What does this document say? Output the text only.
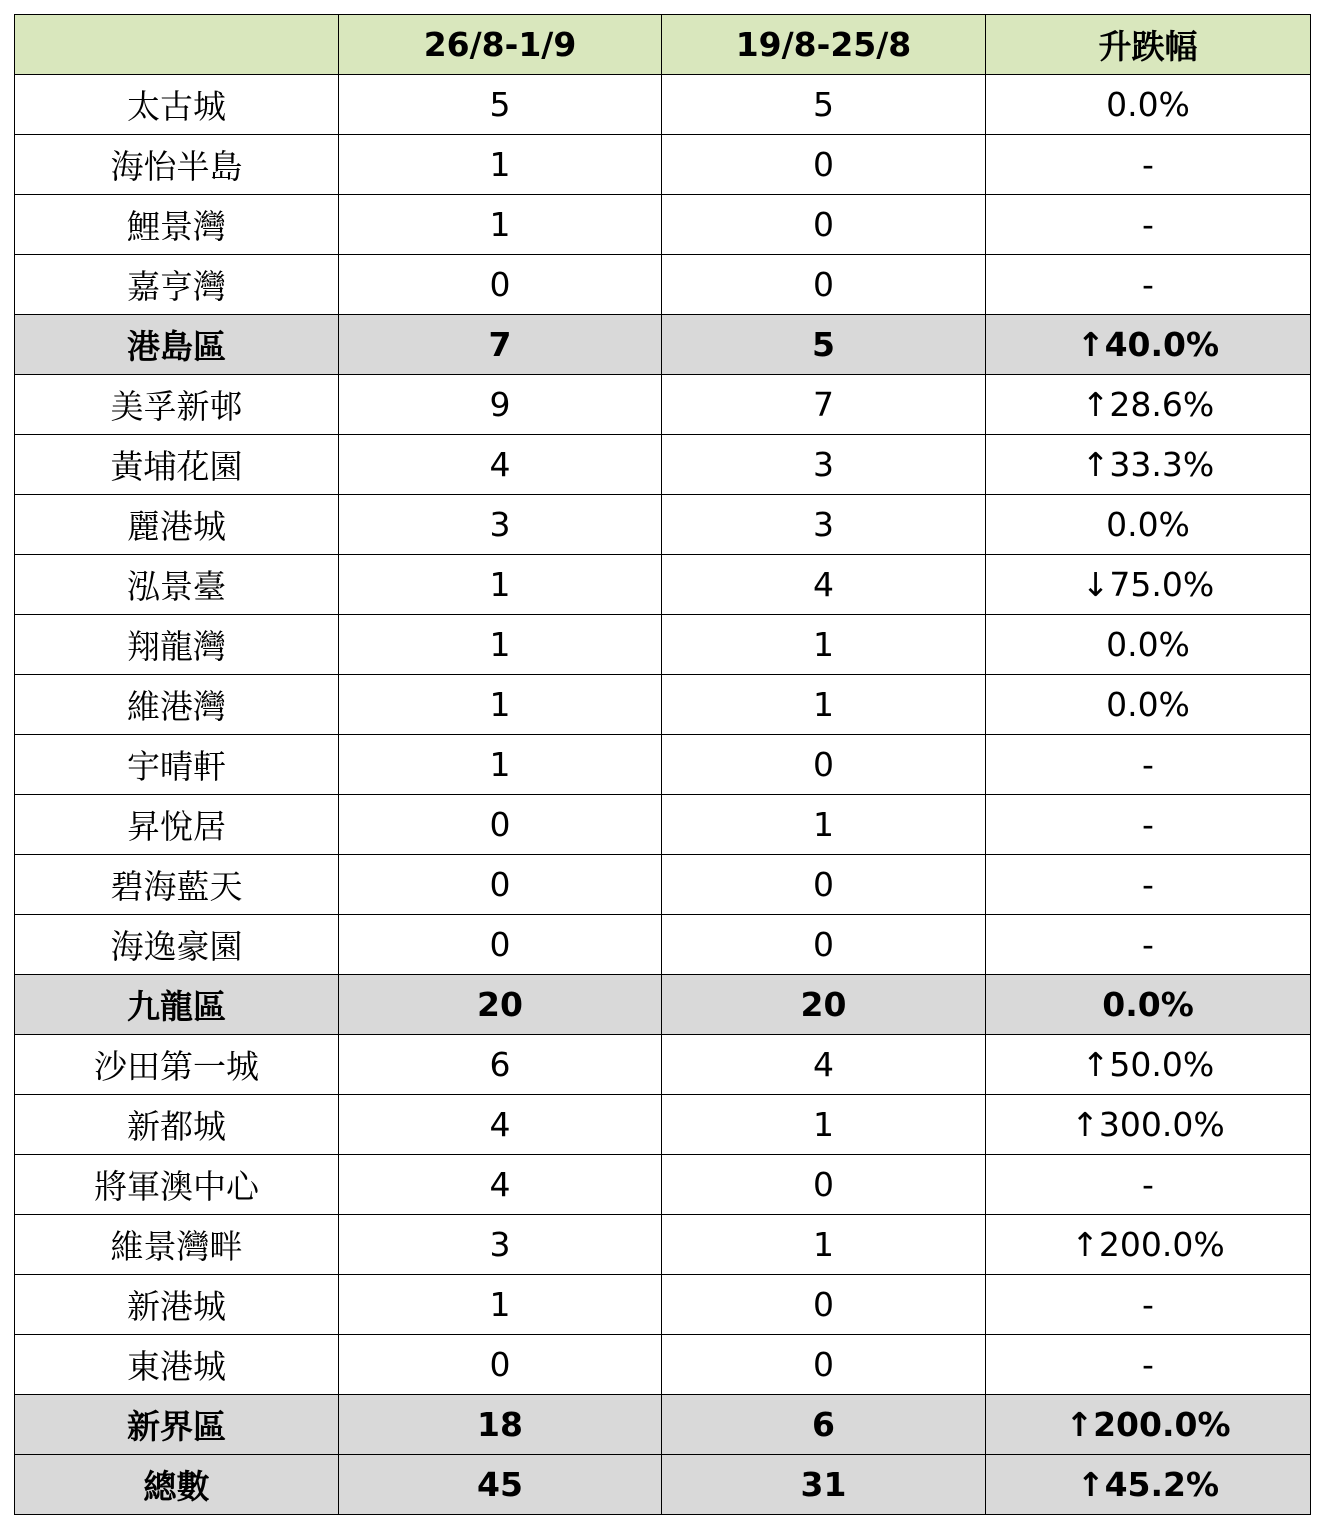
	26/8-1/9	19/8-25/8	升跌幅
太古城	5	5	0.0%
海怡半島	1	0	-
鯉景灣	1	0	-
嘉亨灣	0	0	-
港島區	7	5	↑40.0%
美孚新邨	9	7	↑28.6%
黃埔花園	4	3	↑33.3%
麗港城	3	3	0.0%
泓景臺	1	4	↓75.0%
翔龍灣	1	1	0.0%
維港灣	1	1	0.0%
宇晴軒	1	0	-
昇悅居	0	1	-
碧海藍天	0	0	-
海逸豪園	0	0	-
九龍區	20	20	0.0%
沙田第一城	6	4	↑50.0%
新都城	4	1	↑300.0%
將軍澳中心	4	0	-
維景灣畔	3	1	↑200.0%
新港城	1	0	-
東港城	0	0	-
新界區	18	6	↑200.0%
總數	45	31	↑45.2%
